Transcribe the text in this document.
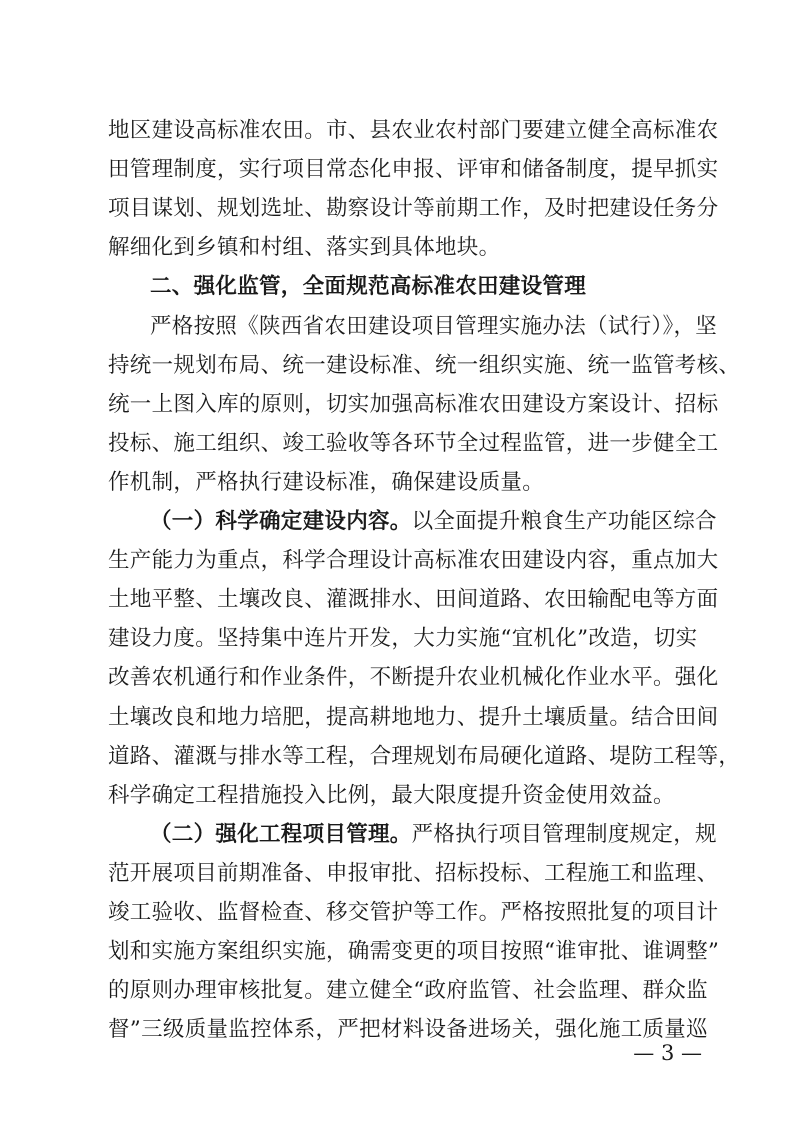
地区建设高标准农田。市、县农业农村部门要建立健全高标准农
田管理制度，实行项目常态化申报、评审和储备制度，提早抓实
项目谋划、规划选址、勘察设计等前期工作，及时把建设任务分
解细化到乡镇和村组、落实到具体地块。
二、强化监管，全面规范高标准农田建设管理
严格按照《陕西省农田建设项目管理实施办法（试行）》，坚
持统一规划布局、统一建设标准、统一组织实施、统一监管考核、
统一上图入库的原则，切实加强高标准农田建设方案设计、招标
投标、施工组织、竣工验收等各环节全过程监管，进一步健全工
作机制，严格执行建设标准，确保建设质量。
（一）科学确定建设内容。以全面提升粮食生产功能区综合
生产能力为重点，科学合理设计高标准农田建设内容，重点加大
土地平整、土壤改良、灌溉排水、田间道路、农田输配电等方面
建设力度。坚持集中连片开发，大力实施“宜机化”改造，切实
改善农机通行和作业条件，不断提升农业机械化作业水平。强化
土壤改良和地力培肥，提高耕地地力、提升土壤质量。结合田间
道路、灌溉与排水等工程，合理规划布局硬化道路、堤防工程等，
科学确定工程措施投入比例，最大限度提升资金使用效益。
（二）强化工程项目管理。严格执行项目管理制度规定，规
范开展项目前期准备、申报审批、招标投标、工程施工和监理、
竣工验收、监督检查、移交管护等工作。严格按照批复的项目计
划和实施方案组织实施，确需变更的项目按照“谁审批、谁调整”
的原则办理审核批复。建立健全“政府监管、社会监理、群众监
督”三级质量监控体系，严把材料设备进场关，强化施工质量巡
— 3 —
